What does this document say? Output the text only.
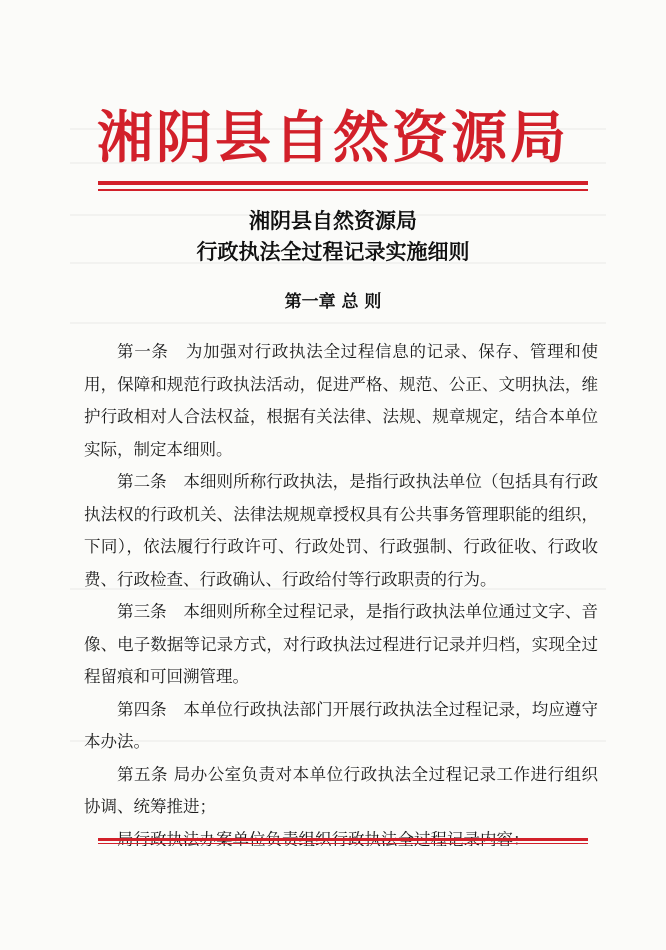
湘阴县自然资源局
湘阴县自然资源局
行政执法全过程记录实施细则
第一章 总 则

第一条　为加强对行政执法全过程信息的记录、保存、管理和使用，保障和规范行政执法活动，促进严格、规范、公正、文明执法，维护行政相对人合法权益，根据有关法律、法规、规章规定，结合本单位实际，制定本细则。

第二条　本细则所称行政执法，是指行政执法单位（包括具有行政执法权的行政机关、法律法规规章授权具有公共事务管理职能的组织，下同），依法履行行政许可、行政处罚、行政强制、行政征收、行政收费、行政检查、行政确认、行政给付等行政职责的行为。

第三条　本细则所称全过程记录，是指行政执法单位通过文字、音像、电子数据等记录方式，对行政执法过程进行记录并归档，实现全过程留痕和可回溯管理。

第四条　本单位行政执法部门开展行政执法全过程记录，均应遵守本办法。

第五条 局办公室负责对本单位行政执法全过程记录工作进行组织协调、统筹推进；
